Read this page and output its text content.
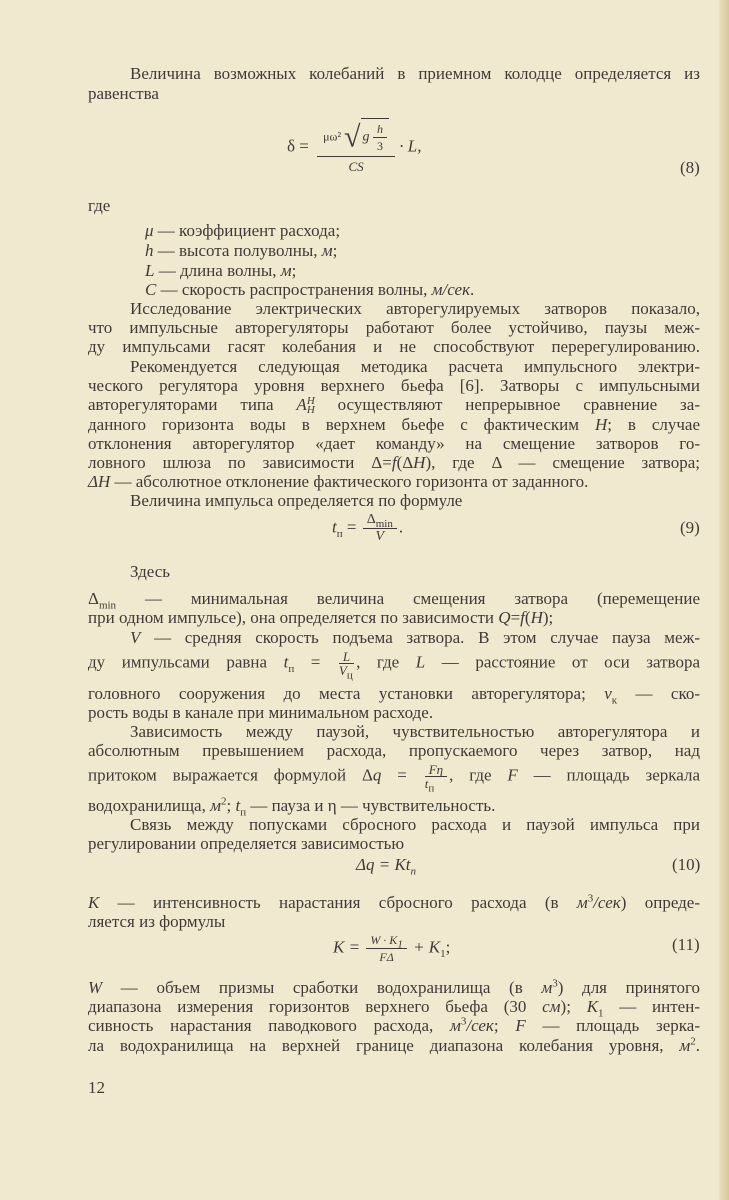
Величина возможных колебаний в приемном колодце определяется из
равенства
где
μ — коэффициент расхода;
h — высота полуволны, м;
L — длина волны, м;
C — скорость распространения волны, м/сек.
Исследование электрических авторегулируемых затворов показало,
что импульсные авторегуляторы работают более устойчиво, паузы меж-
ду импульсами гасят колебания и не способствуют перерегулированию.
Рекомендуется следующая методика расчета импульсного электри-
ческого регулятора уровня верхнего бьефа [6]. Затворы с импульсными
авторегуляторами типа A H
H осуществляют непрерывное сравнение за-
данного горизонта воды в верхнем бьефе с фактическим H; в случае
отклонения авторегулятор «дает команду» на смещение затворов го-
ловного шлюза по зависимости Δ=f(ΔH), где Δ — смещение затвора;
ΔH — абсолютное отклонение фактического горизонта от заданного.
Величина импульса определяется по формуле
Здесь
$\Delta_{min}$ — минимальная величина смещения затвора (перемещение
при одном импульсе), она определяется по зависимости Q=f(H);
V — средняя скорость подъема затвора. В этом случае пауза меж-
ду импульсами равна $t_п = \frac{L}{V_ц}$ , где L — расстояние от оси затвора
головного сооружения до места установки авторегулятора; $v_к$ — ско-
рость воды в канале при минимальном расходе.
Зависимость между паузой, чувствительностью авторегулятора и
абсолютным превышением расхода, пропускаемого через затвор, над
притоком выражается формулой $\Delta q = \frac{F\eta}{t_п}$ , где F — площадь зеркала
водохранилища, $м^2$; $t_п$ — пауза и η — чувствительность.
Связь между попусками сбросного расхода и паузой импульса при
регулировании определяется зависимостью
K — интенсивность нарастания сбросного расхода (в $м^3/сек$) опреде-
ляется из формулы
W — объем призмы сработки водохранилища (в $м^3$) для принятого
диапазона измерения горизонтов верхнего бьефа (30 см); $K_1$ — интен-
сивность нарастания паводкового расхода, $м^3$/сек; F — площадь зерка-
ла водохранилища на верхней границе диапазона колебания уровня, $м^2$.
$\delta = \frac{\mu\omega^2 √ g \frac{h}{3}}{CS} \cdot L$,
(8)
$t_п = \frac{\Delta_{min}}{V}$ .	(9)
$\Delta q = Kt_п$	(10)
$K = \frac{W \cdot K_1}{F\Delta} + K_1$;	(11)
12
